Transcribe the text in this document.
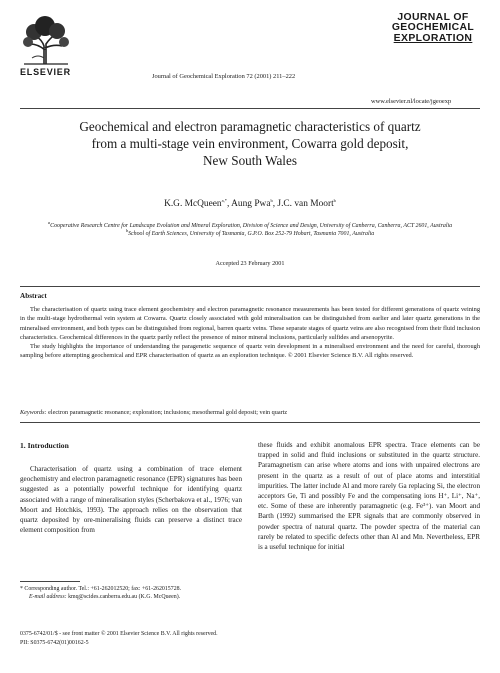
ELSEVIER	Journal of Geochemical Exploration 72 (2001) 211–222
JOURNAL OF
GEOCHEMICAL
EXPLORATION
www.elsevier.nl/locate/jgeoexp
Geochemical and electron paramagnetic characteristics of quartz
from a multi-stage vein environment, Cowarra gold deposit,
New South Wales
K.G. McQueen$^{a,*}$, Aung Pwa$^b$, J.C. van Moort$^b$
$^a$Cooperative Research Centre for Landscape Evolution and Mineral Exploration, Division of Science and Design, University of Canberra, Canberra, ACT 2601, Australia
$^b$School of Earth Sciences, University of Tasmania, G.P.O. Box 252-79 Hobart, Tasmania 7001, Australia
Accepted 23 February 2001
Abstract

The characterisation of quartz using trace element geochemistry and electron paramagnetic resonance measurements has been tested for different generations of quartz veining in the multi-stage hydrothermal vein system at Cowarra. Quartz closely associated with gold mineralisation can be distinguished from earlier and later quartz generations in the mineralised environment, and both types can be distinguished from regional, barren quartz veins. These separate stages of quartz veins are also recognised from their fluid inclusion characteristics. Geochemical differences in the quartz partly reflect the presence of minor mineral inclusions, particularly sulfides and arsenopyrite.

The study highlights the importance of understanding the paragenetic sequence of quartz vein development in a mineralised environment and the need for careful, thorough sampling before attempting geochemical and EPR characterisation of quartz as an exploration technique. © 2001 Elsevier Science B.V. All rights reserved.

Keywords: electron paramagnetic resonance; exploration; inclusions; mesothermal gold deposit; vein quartz
1. Introduction

Characterisation of quartz using a combination of trace element geochemistry and electron paramagnetic resonance (EPR) signatures has been suggested as a potentially powerful technique for identifying quartz associated with a range of mineralisation styles (Scherbakova et al., 1976; van Moort and Hotchkis, 1993). The approach relies on the observation that quartz deposited by ore-mineralising fluids can preserve a distinct trace element composition from

these fluids and exhibit anomalous EPR spectra. Trace elements can be trapped in solid and fluid inclusions or substituted in the quartz structure. Paramagnetism can arise where atoms and ions with unpaired electrons are present in the quartz as a result of out of place atoms and interstitial impurities. The latter include Al and more rarely Ga replacing Si, the electron acceptors Ge, Ti and possibly Fe and the compensating ions H⁺, Li⁺, Na⁺, etc. Some of these are inherently paramagnetic (e.g. Fe³⁺). van Moort and Barth (1992) summarised the EPR signals that are commonly observed in powder spectra of natural quartz. The powder spectra of the material can rarely be related to specific defects other than Al and Mn. Nevertheless, EPR is a useful technique for initial

* Corresponding author. Tel.: +61-262012520; fax: +61-262015728.
E-mail address: kmq@scides.canberra.edu.au (K.G. McQueen).
0375-6742/01/$ - see front matter © 2001 Elsevier Science B.V. All rights reserved.
PII: S0375-6742(01)00162-5
